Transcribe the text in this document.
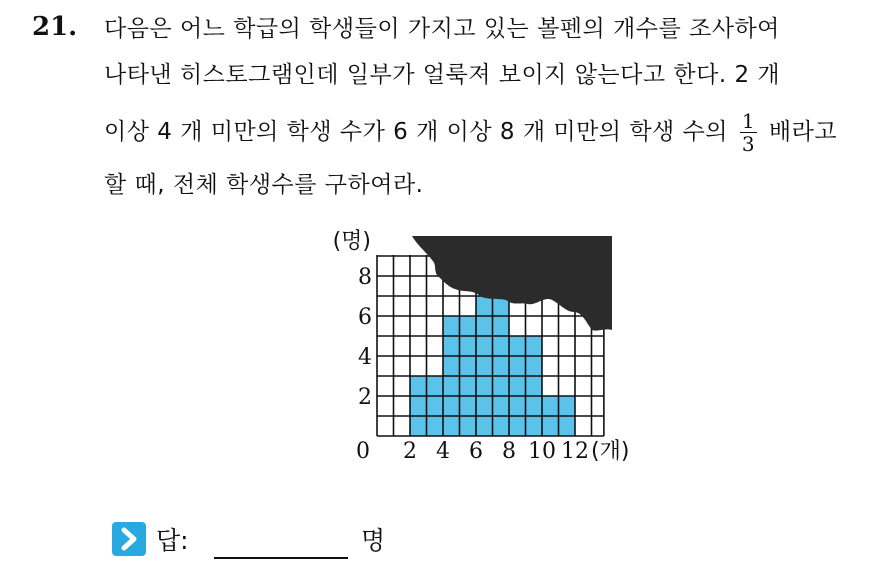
21. 다음은 어느 학급의 학생들이 가지고 있는 볼펜의 개수를 조사하여
나타낸 히스토그램인데 일부가 얼룩져 보이지 않는다고 한다. 2 개
이상 4 개 미만의 학생 수가 6 개 이상 8 개 미만의 학생 수의 $\frac{1}{3}$ 배라고
할 때, 전체 학생수를 구하여라.
2
4
6
8
0 2 4 6 8 10 12
(명)
(개)
답:	명
